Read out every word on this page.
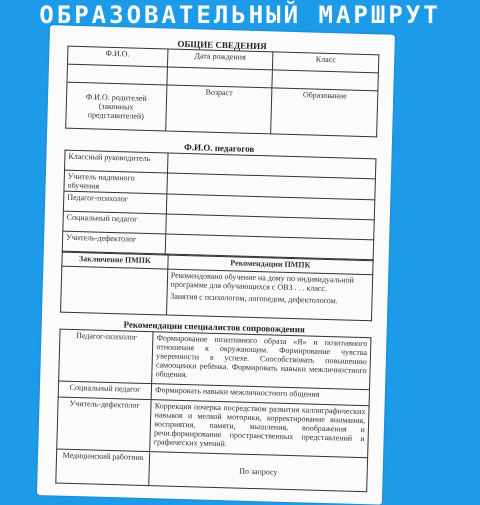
ОБРАЗОВАТЕЛЬНЫЙ МАРШРУТ
ОБЩИЕ СВЕДЕНИЯ
Ф.И.О.	Дата рождения	Класс

Ф.И.О. родителей (законных представителей)	Возраст	Образование
Ф.И.О. педагогов
Классный руководитель	
Учитель надомного обучения	
Педагог-психолог	
Социальный педагог	
Учитель-дефектолог	
Заключение ПМПК	Рекомендации ПМПК

	Рекомендовано обучение на дому по индивидуальной программе для обучающихся с ОВЗ . . . класс.
Занятия с психологом, логопедом, дефектологом.
Рекомендации специалистов сопровождения
Педагог-психолог	Формирование позитивного образа «Я» и позитивного отношения к окружающим. Формирование чувства уверенности в успехе. Способствовать повышению самооценки ребёнка. Формировать навыки межличностного общения.
Социальный педагог	Формировать навыки межличностного общения
Учитель-дефектолог	Коррекция почерка посредством развития каллиграфических навыков и мелкой моторики, корректирование внимания, восприятия, памяти, мышления, воображения и речи.формирование пространственных представлений и графических умений.
Медицинский работник	По запросу
